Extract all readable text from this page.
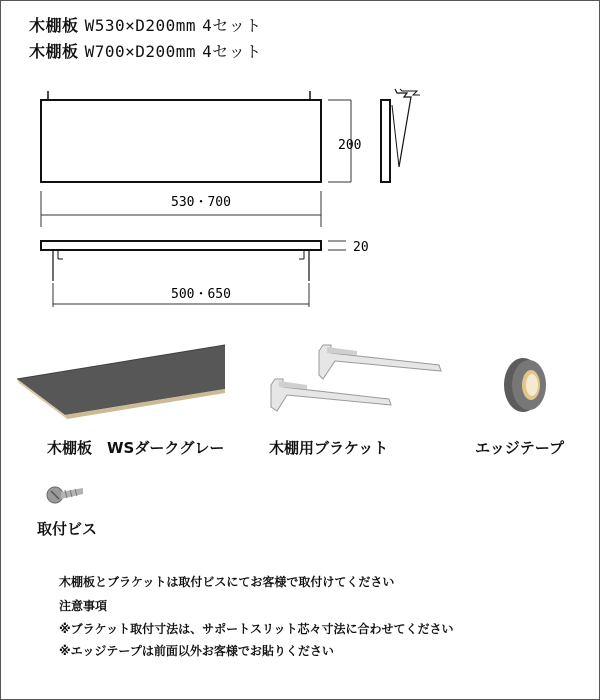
木棚板 W530×D200mm 4セット
木棚板 W700×D200mm 4セット
200
530・700
20
500・650
木棚板　WSダークグレー	木棚用ブラケット	エッジテープ
取付ビス
木棚板とブラケットは取付ビスにてお客様で取付けてください
注意事項
※ブラケット取付寸法は、サポートスリット芯々寸法に合わせてください
※エッジテープは前面以外お客様でお貼りください
